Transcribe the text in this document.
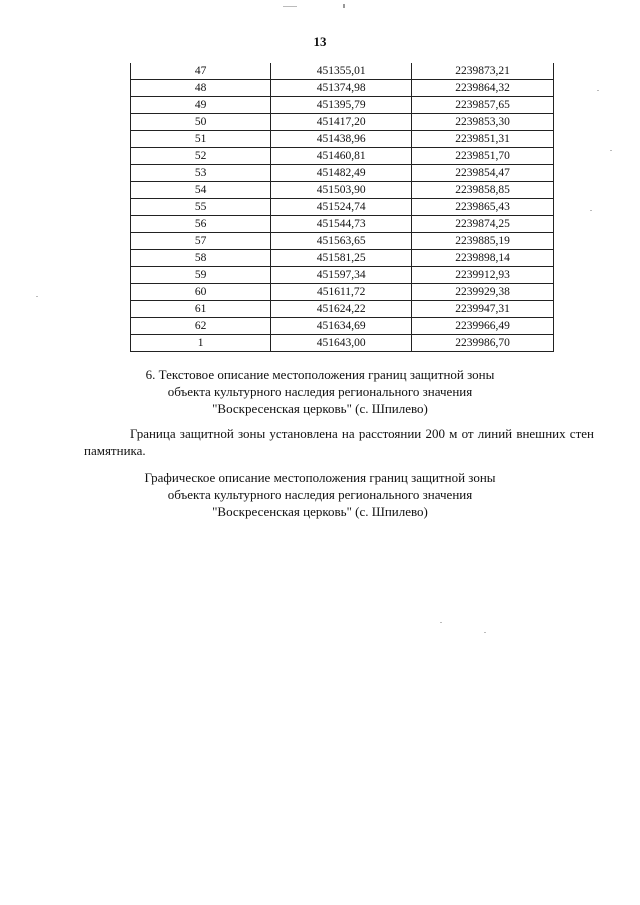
13
47	451355,01	2239873,21
48	451374,98	2239864,32
49	451395,79	2239857,65
50	451417,20	2239853,30
51	451438,96	2239851,31
52	451460,81	2239851,70
53	451482,49	2239854,47
54	451503,90	2239858,85
55	451524,74	2239865,43
56	451544,73	2239874,25
57	451563,65	2239885,19
58	451581,25	2239898,14
59	451597,34	2239912,93
60	451611,72	2239929,38
61	451624,22	2239947,31
62	451634,69	2239966,49
1	451643,00	2239986,70
6. Текстовое описание местоположения границ защитной зоны
объекта культурного наследия регионального значения
"Воскресенская церковь" (с. Шпилево)
Граница защитной зоны установлена на расстоянии 200 м от линий внешних стен
памятника.
Графическое описание местоположения границ защитной зоны
объекта культурного наследия регионального значения
"Воскресенская церковь" (с. Шпилево)
